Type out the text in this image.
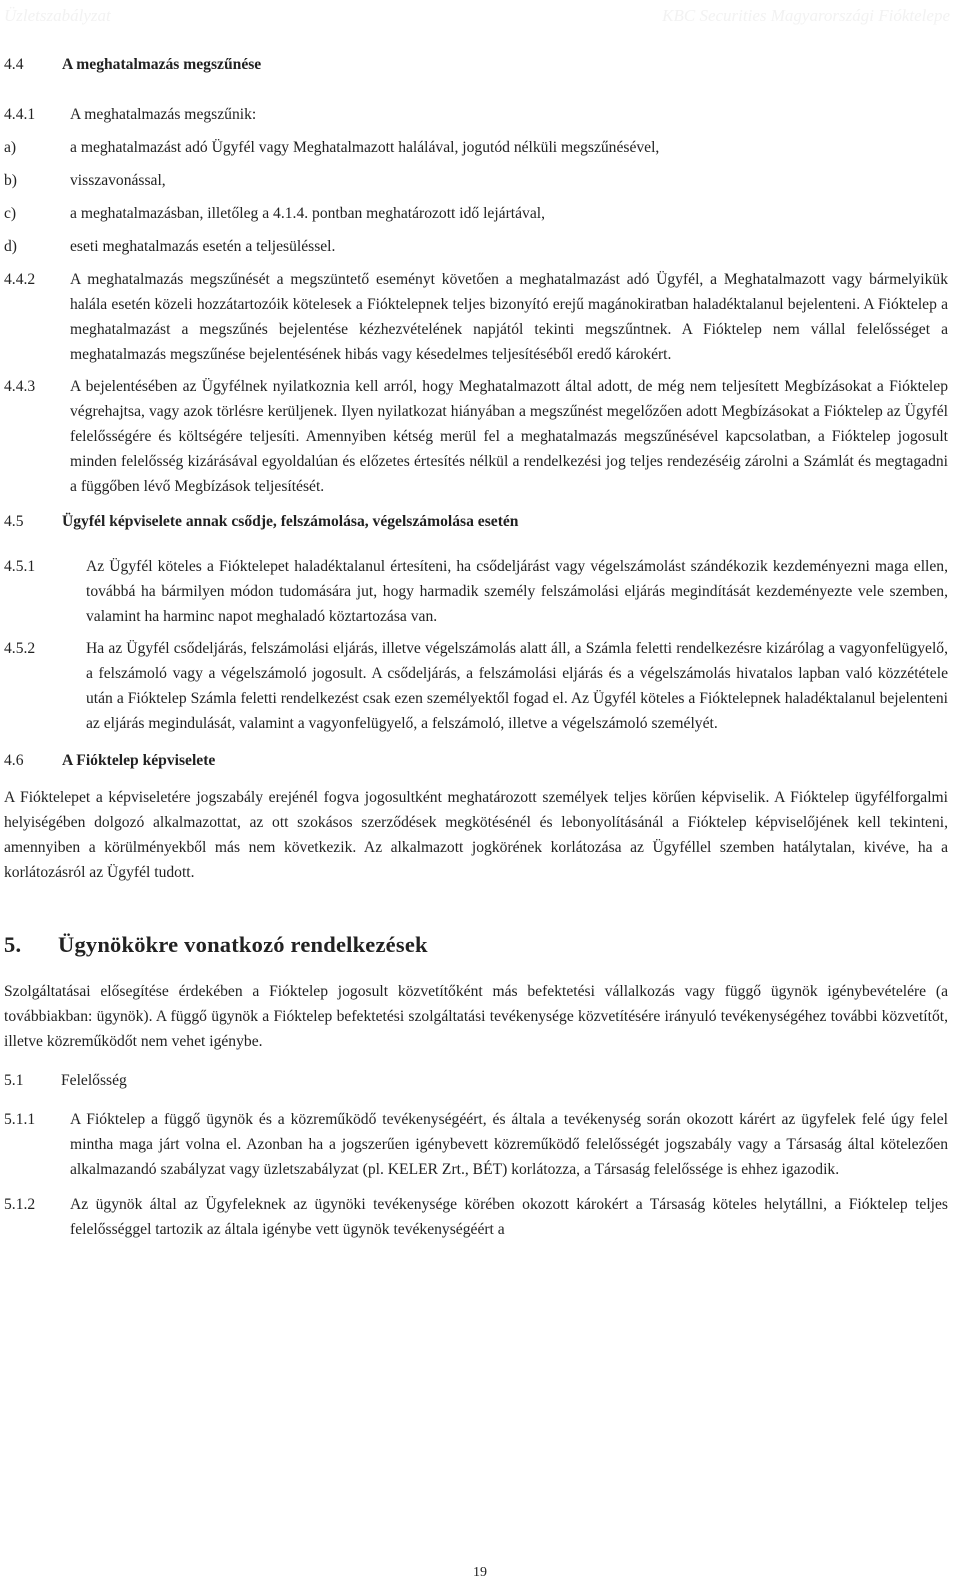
Üzletszabályzat	KBC Securities Magyarországi Fióktelepe
4.4	A meghatalmazás megszűnése
4.4.1	A meghatalmazás megszűnik:
a)	a meghatalmazást adó Ügyfél vagy Meghatalmazott halálával, jogutód nélküli megszűnésével,
b)	visszavonással,
c)	a meghatalmazásban, illetőleg a 4.1.4. pontban meghatározott idő lejártával,
d)	eseti meghatalmazás esetén a teljesüléssel.
4.4.2	A meghatalmazás megszűnését a megszüntető eseményt követően a meghatalmazást adó Ügyfél, a Meghatalmazott vagy bármelyikük halála esetén közeli hozzátartozóik kötelesek a Fióktelepnek teljes bizonyító erejű magánokiratban haladéktalanul bejelenteni. A Fióktelep a meghatalmazást a megszűnés bejelentése kézhezvételének napjától tekinti megszűntnek. A Fióktelep nem vállal felelősséget a meghatalmazás megszűnése bejelentésének hibás vagy késedelmes teljesítéséből eredő károkért.
4.4.3	A bejelentésében az Ügyfélnek nyilatkoznia kell arról, hogy Meghatalmazott által adott, de még nem teljesített Megbízásokat a Fióktelep végrehajtsa, vagy azok törlésre kerüljenek. Ilyen nyilatkozat hiányában a megszűnést megelőzően adott Megbízásokat a Fióktelep az Ügyfél felelősségére és költségére teljesíti. Amennyiben kétség merül fel a meghatalmazás megszűnésével kapcsolatban, a Fióktelep jogosult minden felelősség kizárásával egyoldalúan és előzetes értesítés nélkül a rendelkezési jog teljes rendezéséig zárolni a Számlát és megtagadni a függőben lévő Megbízások teljesítését.
4.5	Ügyfél képviselete annak csődje, felszámolása, végelszámolása esetén
4.5.1	Az Ügyfél köteles a Fióktelepet haladéktalanul értesíteni, ha csődeljárást vagy végelszámolást szándékozik kezdeményezni maga ellen, továbbá ha bármilyen módon tudomására jut, hogy harmadik személy felszámolási eljárás megindítását kezdeményezte vele szemben, valamint ha harminc napot meghaladó köztartozása van.
4.5.2	Ha az Ügyfél csődeljárás, felszámolási eljárás, illetve végelszámolás alatt áll, a Számla feletti rendelkezésre kizárólag a vagyonfelügyelő, a felszámoló vagy a végelszámoló jogosult. A csődeljárás, a felszámolási eljárás és a végelszámolás hivatalos lapban való közzététele után a Fióktelep Számla feletti rendelkezést csak ezen személyektől fogad el. Az Ügyfél köteles a Fióktelepnek haladéktalanul bejelenteni az eljárás megindulását, valamint a vagyonfelügyelő, a felszámoló, illetve a végelszámoló személyét.
4.6	A Fióktelep képviselete
A Fióktelepet a képviseletére jogszabály erejénél fogva jogosultként meghatározott személyek teljes körűen képviselik. A Fióktelep ügyfélforgalmi helyiségében dolgozó alkalmazottat, az ott szokásos szerződések megkötésénél és lebonyolításánál a Fióktelep képviselőjének kell tekinteni, amennyiben a körülményekből más nem következik. Az alkalmazott jogkörének korlátozása az Ügyféllel szemben hatálytalan, kivéve, ha a korlátozásról az Ügyfél tudott.
5.	Ügynökökre vonatkozó rendelkezések
Szolgáltatásai elősegítése érdekében a Fióktelep jogosult közvetítőként más befektetési vállalkozás vagy függő ügynök igénybevételére (a továbbiakban: ügynök). A függő ügynök a Fióktelep befektetési szolgáltatási tevékenysége közvetítésére irányuló tevékenységéhez további közvetítőt, illetve közreműködőt nem vehet igénybe.
5.1	Felelősség
5.1.1	A Fióktelep a függő ügynök és a közreműködő tevékenységéért, és általa a tevékenység során okozott kárért az ügyfelek felé úgy felel mintha maga járt volna el. Azonban ha a jogszerűen igénybevett közreműködő felelősségét jogszabály vagy a Társaság által kötelezően alkalmazandó szabályzat vagy üzletszabályzat (pl. KELER Zrt., BÉT) korlátozza, a Társaság felelőssége is ehhez igazodik.
5.1.2	Az ügynök által az Ügyfeleknek az ügynöki tevékenysége körében okozott károkért a Társaság köteles helytállni, a Fióktelep teljes felelősséggel tartozik az általa igénybe vett ügynök tevékenységéért a
19
